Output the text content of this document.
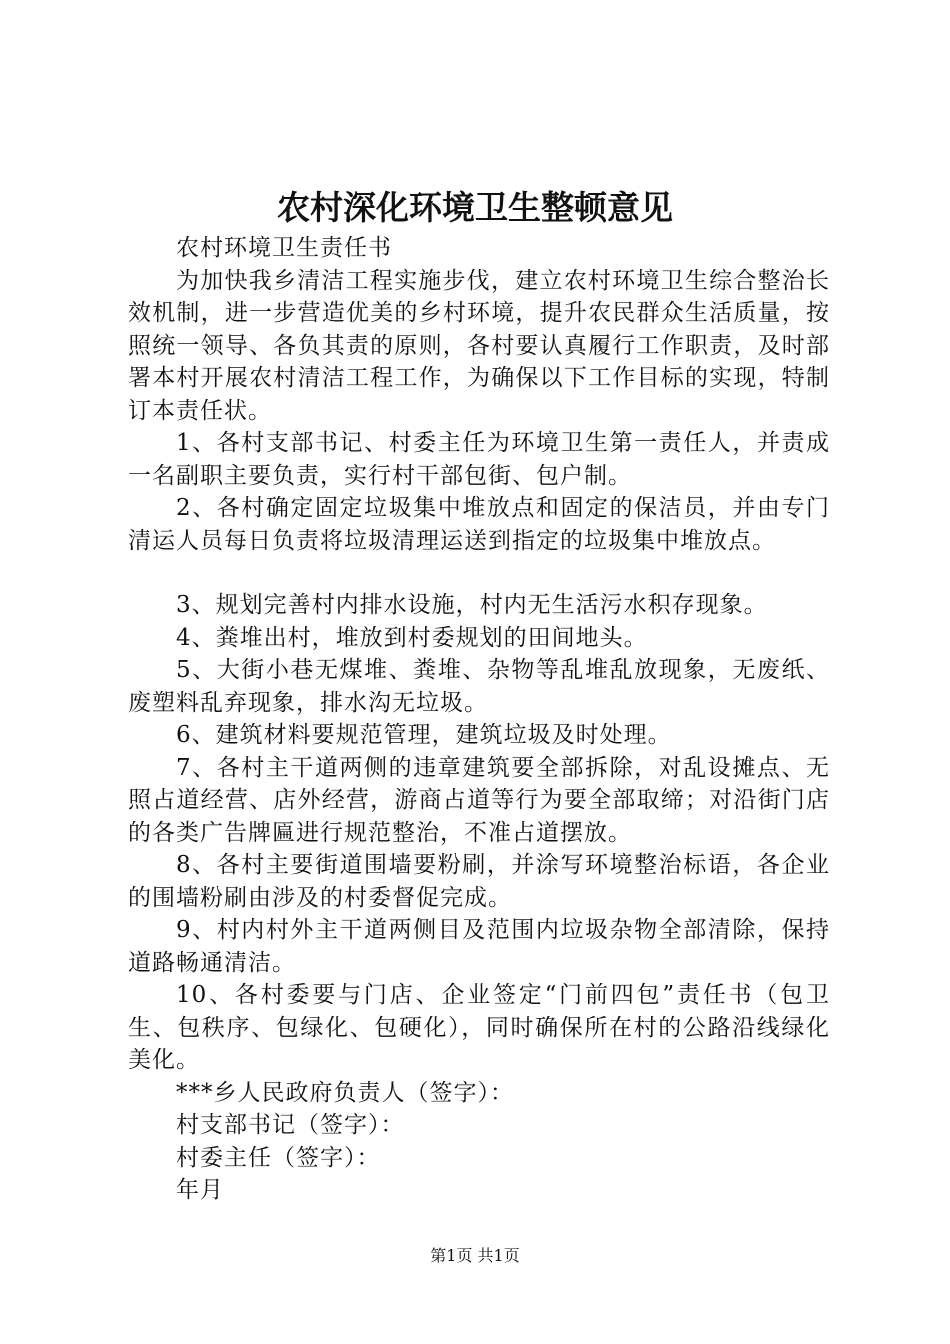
农村深化环境卫生整顿意见

农村环境卫生责任书

为加快我乡清洁工程实施步伐，建立农村环境卫生综合整治长效机制，进一步营造优美的乡村环境，提升农民群众生活质量，按照统一领导、各负其责的原则，各村要认真履行工作职责，及时部署本村开展农村清洁工程工作，为确保以下工作目标的实现，特制订本责任状。

1、各村支部书记、村委主任为环境卫生第一责任人，并责成一名副职主要负责，实行村干部包街、包户制。

2、各村确定固定垃圾集中堆放点和固定的保洁员，并由专门清运人员每日负责将垃圾清理运送到指定的垃圾集中堆放点。

3、规划完善村内排水设施，村内无生活污水积存现象。

4、粪堆出村，堆放到村委规划的田间地头。

5、大街小巷无煤堆、粪堆、杂物等乱堆乱放现象，无废纸、废塑料乱弃现象，排水沟无垃圾。

6、建筑材料要规范管理，建筑垃圾及时处理。

7、各村主干道两侧的违章建筑要全部拆除，对乱设摊点、无照占道经营、店外经营，游商占道等行为要全部取缔；对沿街门店的各类广告牌匾进行规范整治，不准占道摆放。

8、各村主要街道围墙要粉刷，并涂写环境整治标语，各企业的围墙粉刷由涉及的村委督促完成。

9、村内村外主干道两侧目及范围内垃圾杂物全部清除，保持道路畅通清洁。

10、各村委要与门店、企业签定“门前四包”责任书（包卫生、包秩序、包绿化、包硬化），同时确保所在村的公路沿线绿化美化。

***乡人民政府负责人（签字）：

村支部书记（签字）：

村委主任（签字）：

年月

第1页 共1页
